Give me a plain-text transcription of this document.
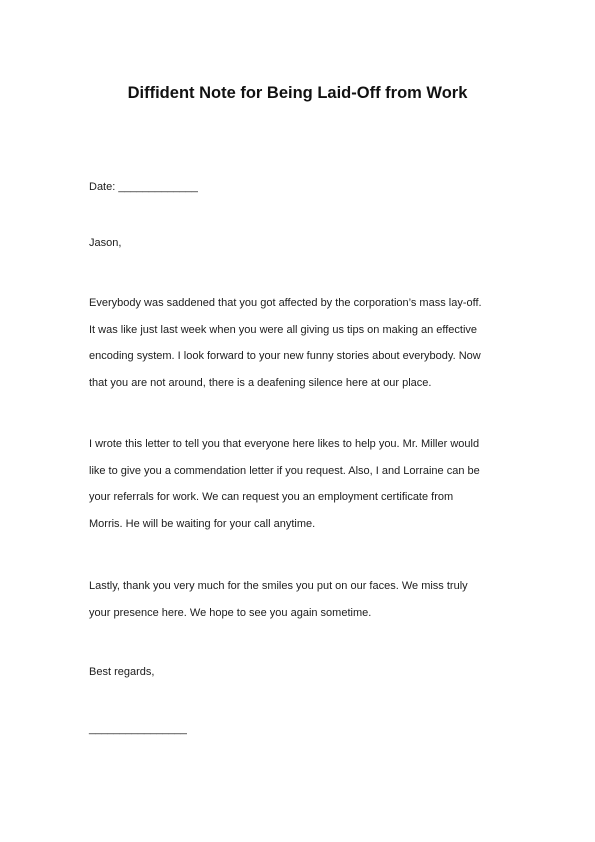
Diffident Note for Being Laid-Off from Work
Date: _____________
Jason,
Everybody was saddened that you got affected by the corporation’s mass lay-off.
It was like just last week when you were all giving us tips on making an effective
encoding system. I look forward to your new funny stories about everybody. Now
that you are not around, there is a deafening silence here at our place.
I wrote this letter to tell you that everyone here likes to help you. Mr. Miller would
like to give you a commendation letter if you request. Also, I and Lorraine can be
your referrals for work. We can request you an employment certificate from
Morris. He will be waiting for your call anytime.
Lastly, thank you very much for the smiles you put on our faces. We miss truly
your presence here. We hope to see you again sometime.
Best regards,
________________
